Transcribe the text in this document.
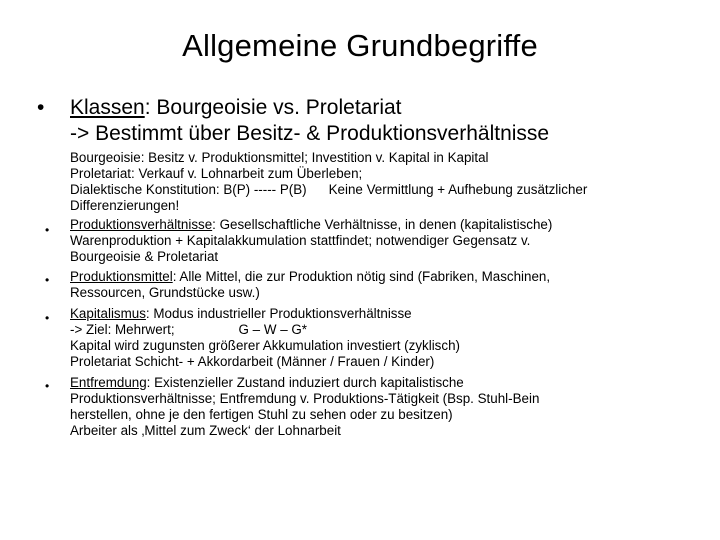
Allgemeine Grundbegriffe
• Klassen: Bourgeoisie vs. Proletariat
-> Bestimmt über Besitz- & Produktionsverhältnisse
Bourgeoisie: Besitz v. Produktionsmittel; Investition v. Kapital in Kapital
Proletariat: Verkauf v. Lohnarbeit zum Überleben;
Dialektische Konstitution: B(P) ----- P(B) Keine Vermittlung + Aufhebung zusätzlicher
Differenzierungen!
• Produktionsverhältnisse: Gesellschaftliche Verhältnisse, in denen (kapitalistische)
Warenproduktion + Kapitalakkumulation stattfindet; notwendiger Gegensatz v.
Bourgeoisie & Proletariat
• Produktionsmittel: Alle Mittel, die zur Produktion nötig sind (Fabriken, Maschinen,
Ressourcen, Grundstücke usw.)
• Kapitalismus: Modus industrieller Produktionsverhältnisse
-> Ziel: Mehrwert;	G – W – G*
Kapital wird zugunsten größerer Akkumulation investiert (zyklisch)
Proletariat Schicht- + Akkordarbeit (Männer / Frauen / Kinder)
• Entfremdung: Existenzieller Zustand induziert durch kapitalistische
Produktionsverhältnisse; Entfremdung v. Produktions-Tätigkeit (Bsp. Stuhl-Bein
herstellen, ohne je den fertigen Stuhl zu sehen oder zu besitzen)
Arbeiter als ‚Mittel zum Zweck‘ der Lohnarbeit
